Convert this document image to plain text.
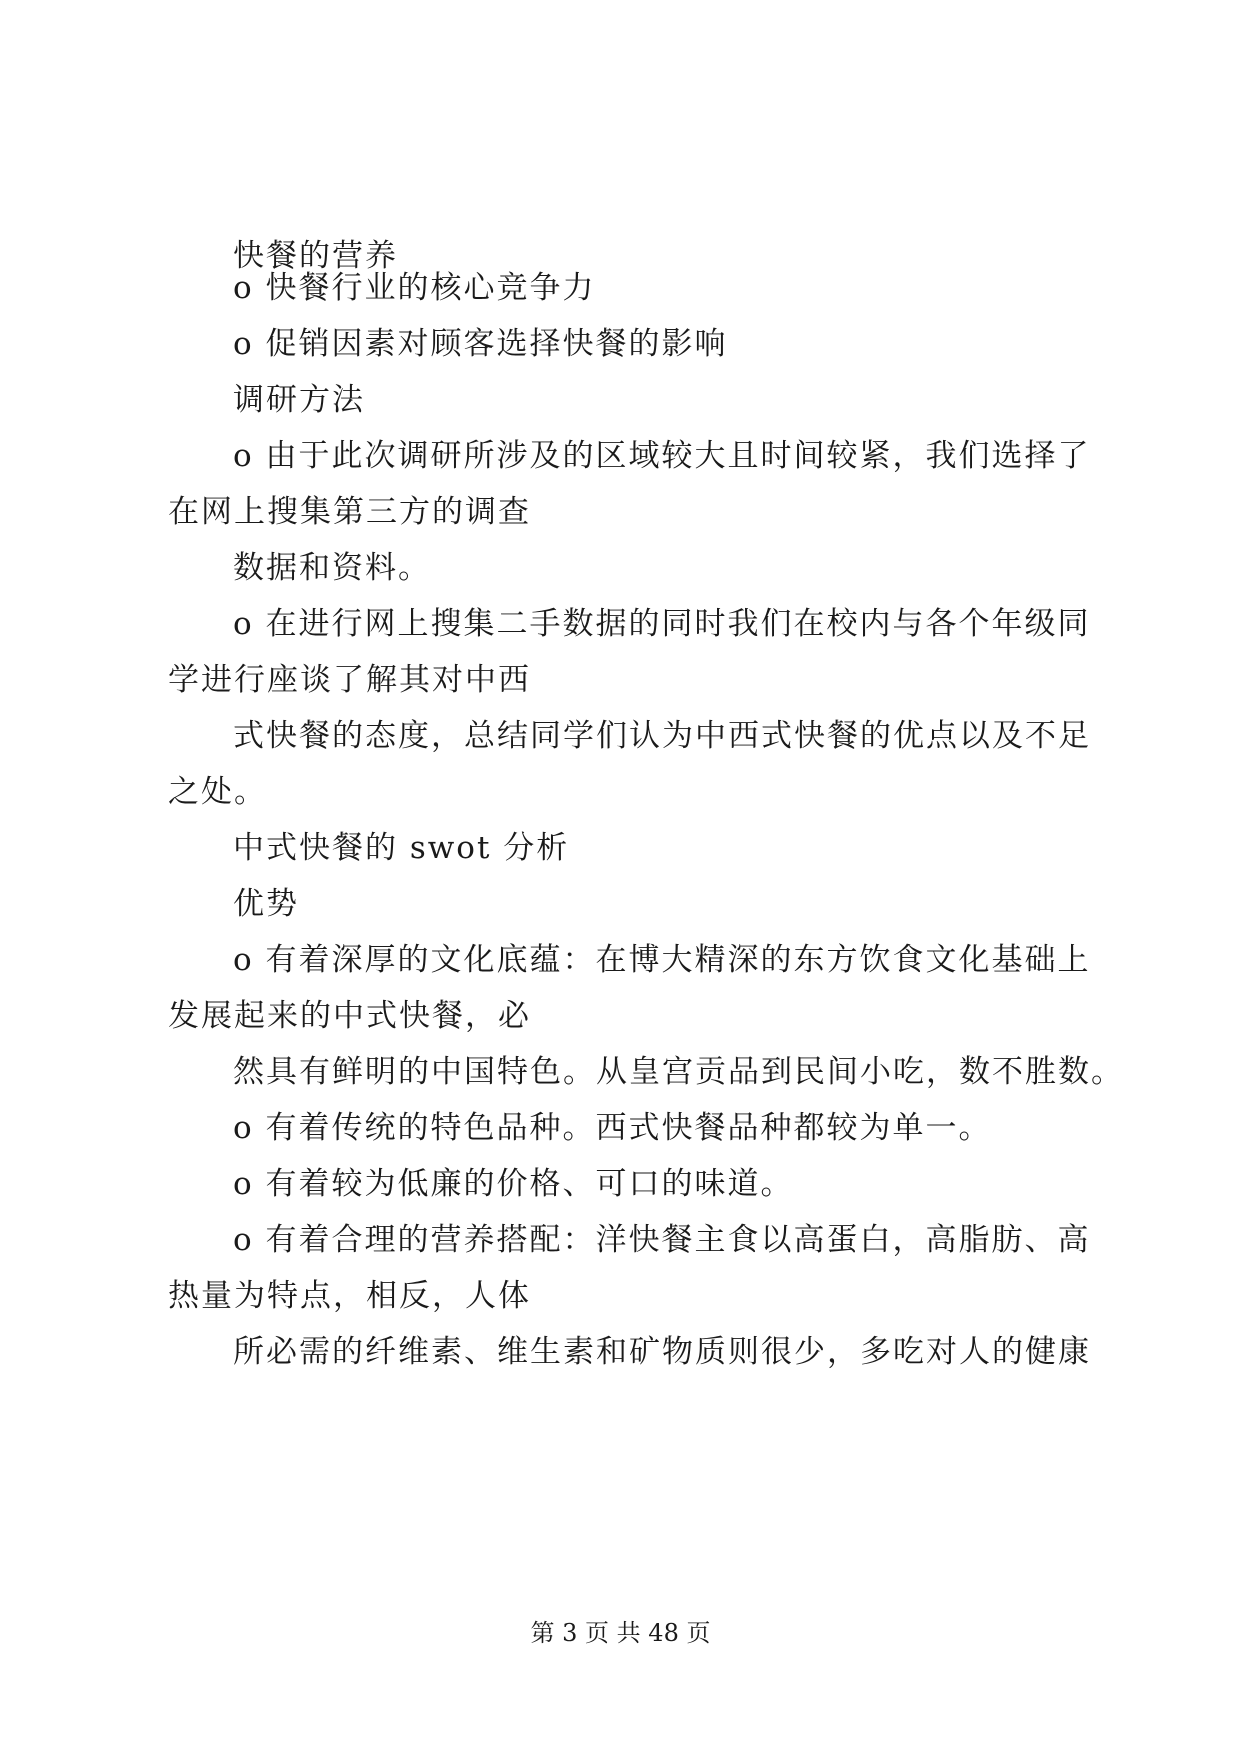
快餐的营养
o 快餐行业的核心竞争力
o 促销因素对顾客选择快餐的影响
调研方法
o 由于此次调研所涉及的区域较大且时间较紧，我们选择了
在网上搜集第三方的调查
数据和资料。
o 在进行网上搜集二手数据的同时我们在校内与各个年级同
学进行座谈了解其对中西
式快餐的态度，总结同学们认为中西式快餐的优点以及不足
之处。
中式快餐的 swot 分析
优势
o 有着深厚的文化底蕴：在博大精深的东方饮食文化基础上
发展起来的中式快餐，必
然具有鲜明的中国特色。从皇宫贡品到民间小吃，数不胜数。
o 有着传统的特色品种。西式快餐品种都较为单一。
o 有着较为低廉的价格、可口的味道。
o 有着合理的营养搭配：洋快餐主食以高蛋白，高脂肪、高
热量为特点，相反，人体
所必需的纤维素、维生素和矿物质则很少，多吃对人的健康
第 3 页 共 48 页
